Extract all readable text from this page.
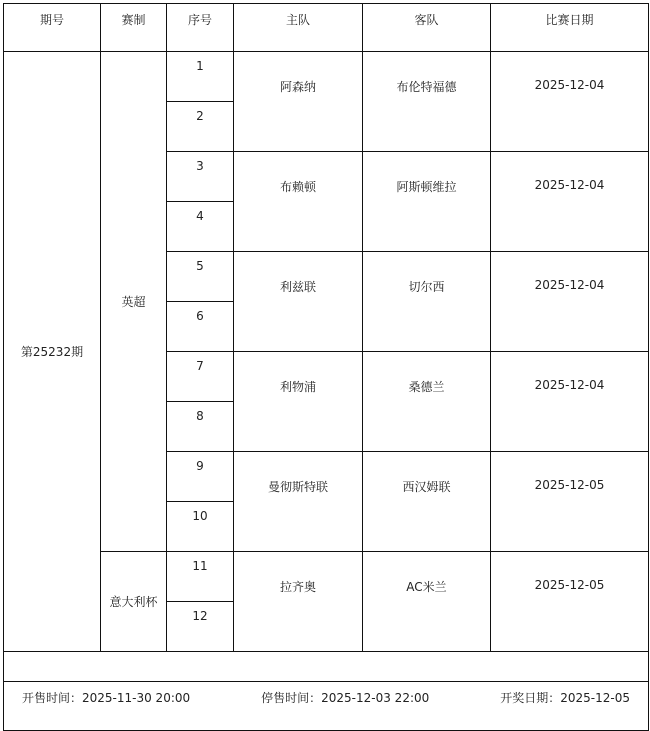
期号	赛制	序号	主队	客队	比赛日期
第25232期	英超	1	阿森纳	布伦特福德	2025-12-04
		2			
		3	布赖顿	阿斯顿维拉	2025-12-04
		4			
		5	利兹联	切尔西	2025-12-04
		6			
		7	利物浦	桑德兰	2025-12-04
		8			
		9	曼彻斯特联	西汉姆联	2025-12-05
		10			
	意大利杯	11	拉齐奥	AC米兰	2025-12-05
		12			

开售时间：2025-11-30 20:00 停售时间：2025-12-03 22:00 开奖日期：2025-12-05					
